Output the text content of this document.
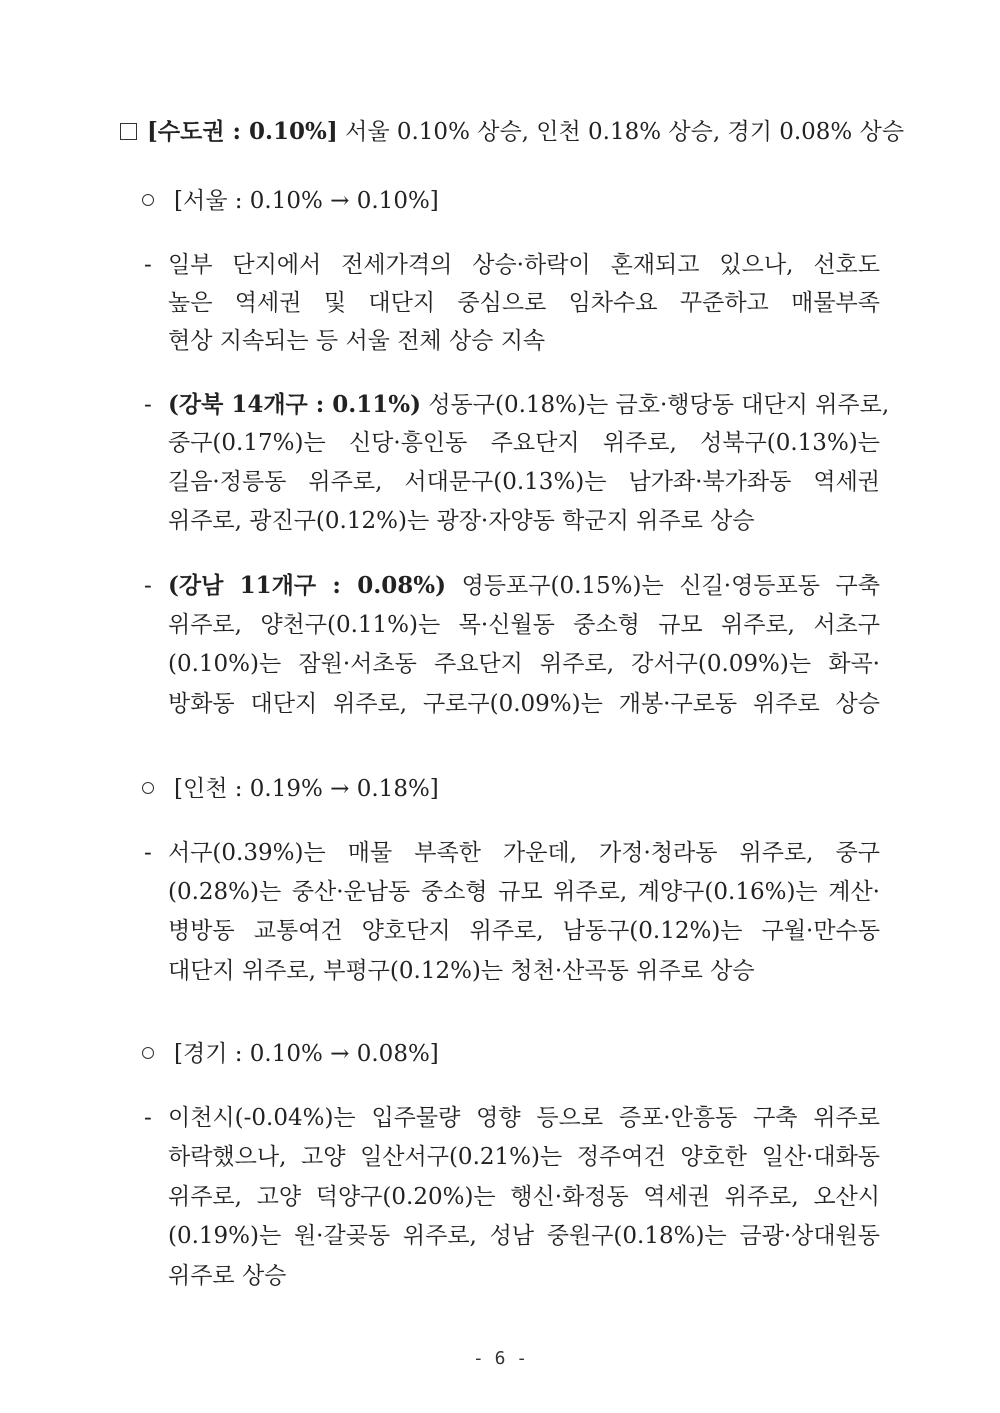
[수도권 : 0.10%] 서울 0.10% 상승, 인천 0.18% 상승, 경기 0.08% 상승
[서울 : 0.10% → 0.10%]
- 일부 단지에서 전세가격의 상승·하락이 혼재되고 있으나, 선호도
높은 역세권 및 대단지 중심으로 임차수요 꾸준하고 매물부족
현상 지속되는 등 서울 전체 상승 지속
- (강북 14개구 : 0.11%) 성동구(0.18%)는 금호·행당동 대단지 위주로,
중구(0.17%)는 신당·흥인동 주요단지 위주로, 성북구(0.13%)는
길음·정릉동 위주로, 서대문구(0.13%)는 남가좌·북가좌동 역세권
위주로, 광진구(0.12%)는 광장·자양동 학군지 위주로 상승
- (강남 11개구 : 0.08%) 영등포구(0.15%)는 신길·영등포동 구축
위주로, 양천구(0.11%)는 목·신월동 중소형 규모 위주로, 서초구
(0.10%)는 잠원·서초동 주요단지 위주로, 강서구(0.09%)는 화곡·
방화동 대단지 위주로, 구로구(0.09%)는 개봉·구로동 위주로 상승
[인천 : 0.19% → 0.18%]
- 서구(0.39%)는 매물 부족한 가운데, 가정·청라동 위주로, 중구
(0.28%)는 중산·운남동 중소형 규모 위주로, 계양구(0.16%)는 계산·
병방동 교통여건 양호단지 위주로, 남동구(0.12%)는 구월·만수동
대단지 위주로, 부평구(0.12%)는 청천·산곡동 위주로 상승
[경기 : 0.10% → 0.08%]
- 이천시(-0.04%)는 입주물량 영향 등으로 증포·안흥동 구축 위주로
하락했으나, 고양 일산서구(0.21%)는 정주여건 양호한 일산·대화동
위주로, 고양 덕양구(0.20%)는 행신·화정동 역세권 위주로, 오산시
(0.19%)는 원·갈곶동 위주로, 성남 중원구(0.18%)는 금광·상대원동
위주로 상승
- 6 -
